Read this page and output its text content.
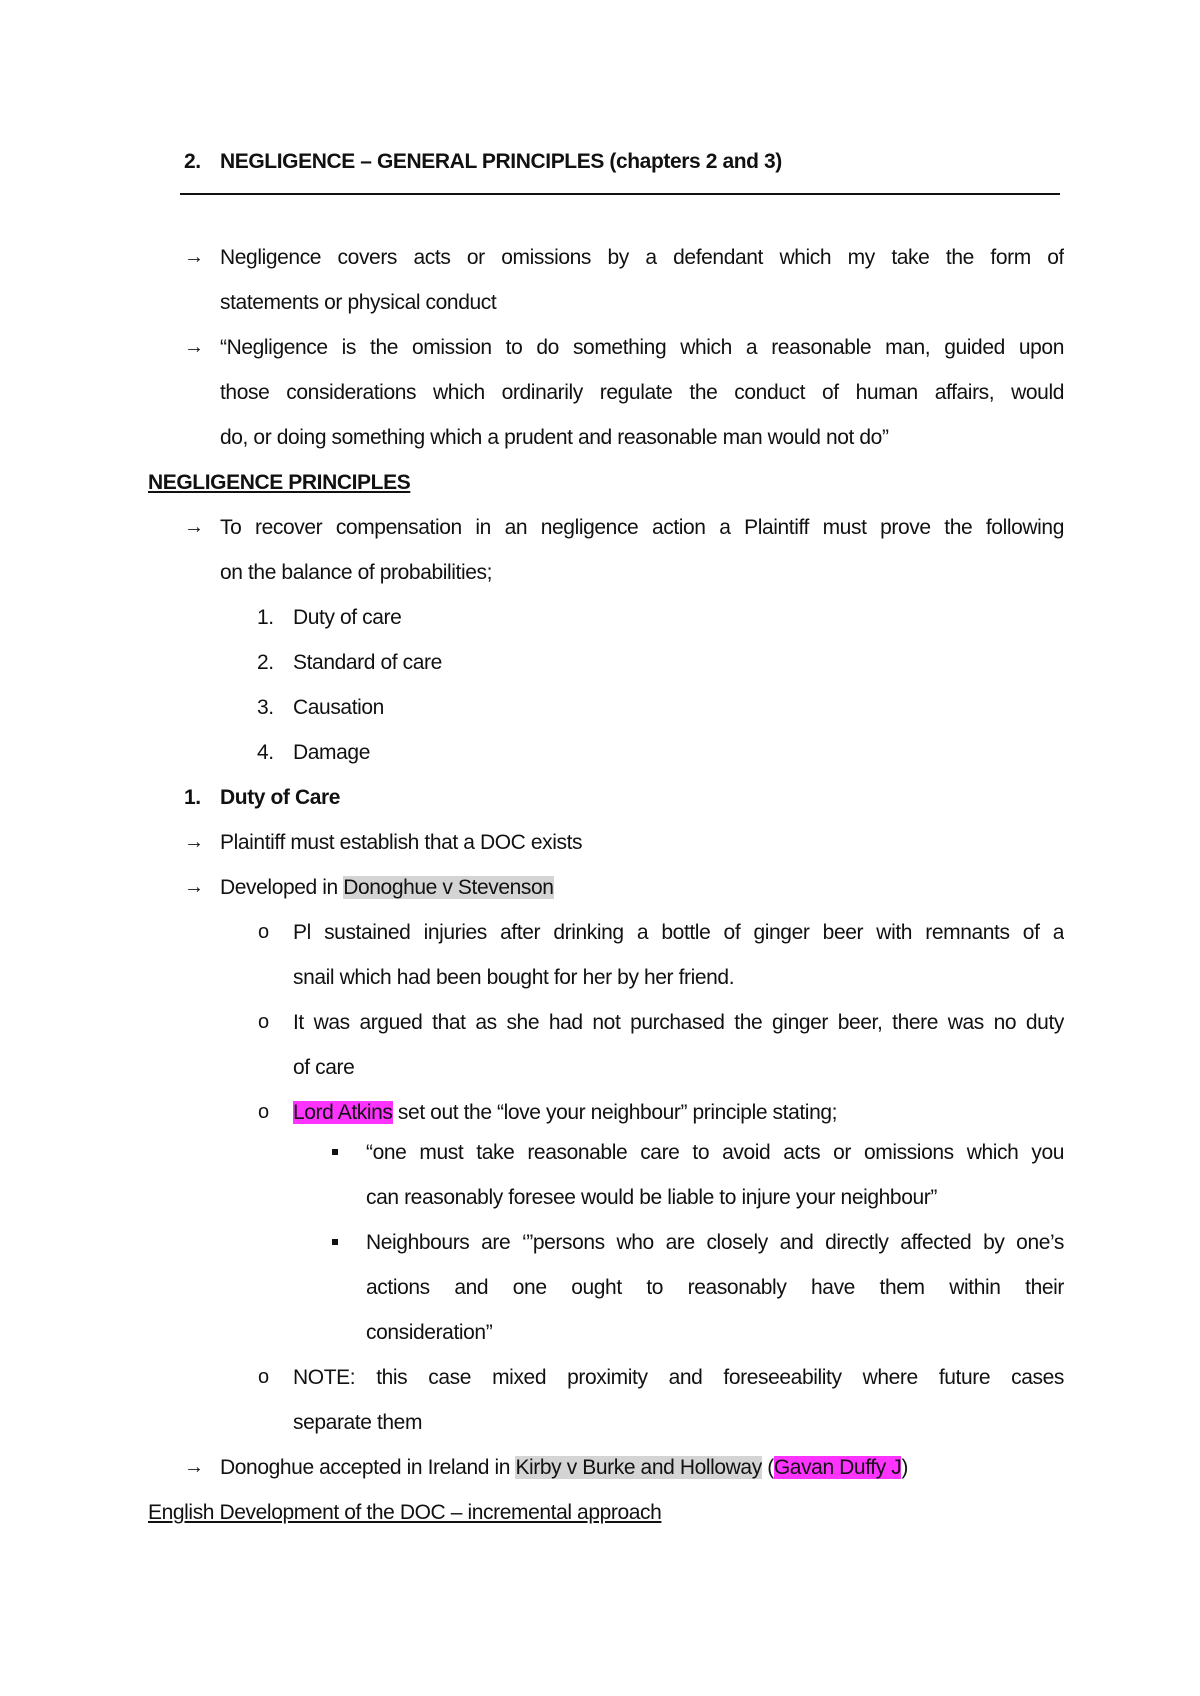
2. NEGLIGENCE – GENERAL PRINCIPLES (chapters 2 and 3)
→ Negligence covers acts or omissions by a defendant which my take the form of
statements or physical conduct
→ “Negligence is the omission to do something which a reasonable man, guided upon
those considerations which ordinarily regulate the conduct of human affairs, would
do, or doing something which a prudent and reasonable man would not do”
NEGLIGENCE PRINCIPLES
→ To recover compensation in an negligence action a Plaintiff must prove the following
on the balance of probabilities;
1. Duty of care
2. Standard of care
3. Causation
4. Damage
1. Duty of Care
→ Plaintiff must establish that a DOC exists
→ Developed in Donoghue v Stevenson
o Pl sustained injuries after drinking a bottle of ginger beer with remnants of a
snail which had been bought for her by her friend.
o It was argued that as she had not purchased the ginger beer, there was no duty
of care
o Lord Atkins set out the “love your neighbour” principle stating;
“one must take reasonable care to avoid acts or omissions which you
can reasonably foresee would be liable to injure your neighbour”
Neighbours are ‘”persons who are closely and directly affected by one’s
actions and one ought to reasonably have them within their
consideration”
o NOTE: this case mixed proximity and foreseeability where future cases
separate them
→ Donoghue accepted in Ireland in Kirby v Burke and Holloway (Gavan Duffy J)
English Development of the DOC – incremental approach
